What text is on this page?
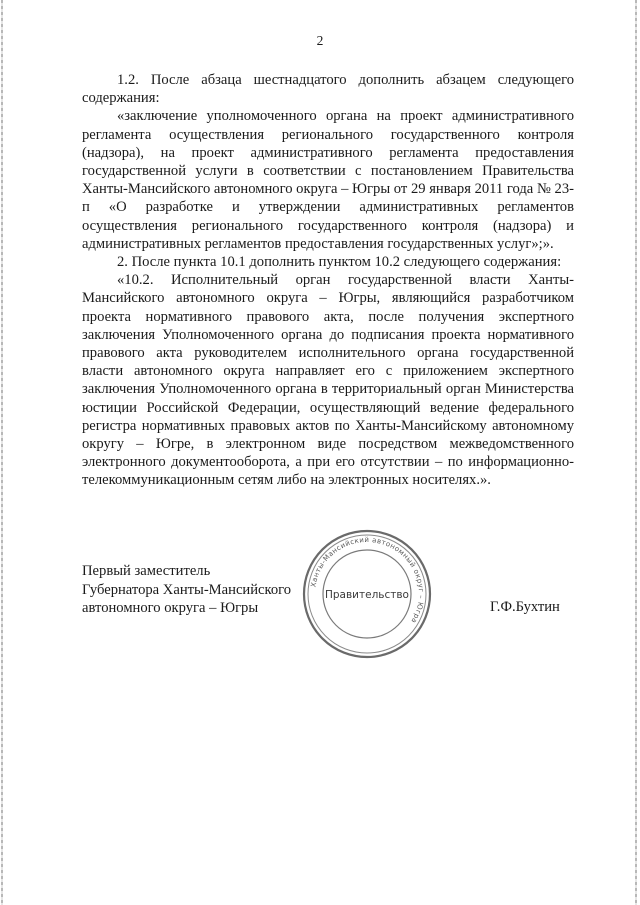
2

1.2. После абзаца шестнадцатого дополнить абзацем следующего содержания:

«заключение уполномоченного органа на проект административного регламента осуществления регионального государственного контроля (надзора), на проект административного регламента предоставления государственной услуги в соответствии с постановлением Правительства Ханты-Мансийского автономного округа – Югры от 29 января 2011 года № 23-п «О разработке и утверждении административных регламентов осуществления регионального государственного контроля (надзора) и административных регламентов предоставления государственных услуг»;».

2. После пункта 10.1 дополнить пунктом 10.2 следующего содержания:

«10.2. Исполнительный орган государственной власти Ханты-Мансийского автономного округа – Югры, являющийся разработчиком проекта нормативного правового акта, после получения экспертного заключения Уполномоченного органа до подписания проекта нормативного правового акта руководителем исполнительного органа государственной власти автономного округа направляет его с приложением экспертного заключения Уполномоченного органа в территориальный орган Министерства юстиции Российской Федерации, осуществляющий ведение федерального регистра нормативных правовых актов по Ханты-Мансийскому автономному округу – Югре, в электронном виде посредством межведомственного электронного документооборота, а при его отсутствии – по информационно-телекоммуникационным сетям либо на электронных носителях.».

Первый заместитель
Губернатора Ханты-Мансийского
автономного округа – Югры
Ханты-Мансийский автономный округ – Югра
Правительство
Г.Ф.Бухтин
